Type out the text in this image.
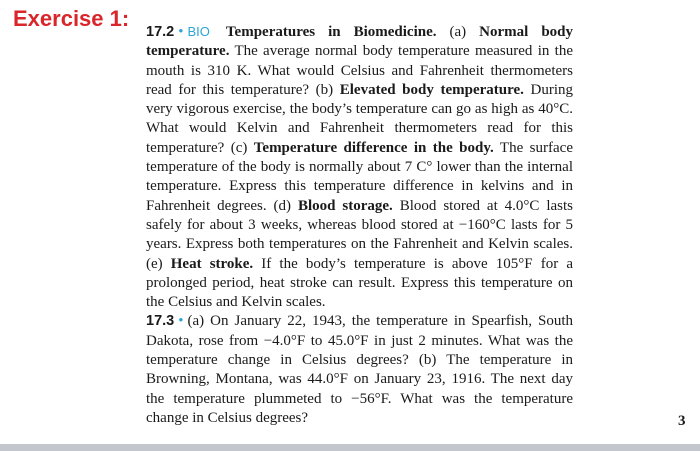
Exercise 1:

17.2 • BIO Temperatures in Biomedicine. (a) Normal body temperature. The average normal body temperature measured in the mouth is 310 K. What would Celsius and Fahrenheit thermometers read for this temperature? (b) Elevated body temperature. During very vigorous exercise, the body’s temperature can go as high as 40°C. What would Kelvin and Fahrenheit thermometers read for this temperature? (c) Temperature difference in the body. The surface temperature of the body is normally about 7 C° lower than the internal temperature. Express this temperature difference in kelvins and in Fahrenheit degrees. (d) Blood storage. Blood stored at 4.0°C lasts safely for about 3 weeks, whereas blood stored at −160°C lasts for 5 years. Express both temperatures on the Fahrenheit and Kelvin scales. (e) Heat stroke. If the body’s temperature is above 105°F for a prolonged period, heat stroke can result. Express this temperature on the Celsius and Kelvin scales.

17.3 • (a) On January 22, 1943, the temperature in Spearfish, South Dakota, rose from −4.0°F to 45.0°F in just 2 minutes. What was the temperature change in Celsius degrees? (b) The temperature in Browning, Montana, was 44.0°F on January 23, 1916. The next day the temperature plummeted to −56°F. What was the temperature change in Celsius degrees?	3
